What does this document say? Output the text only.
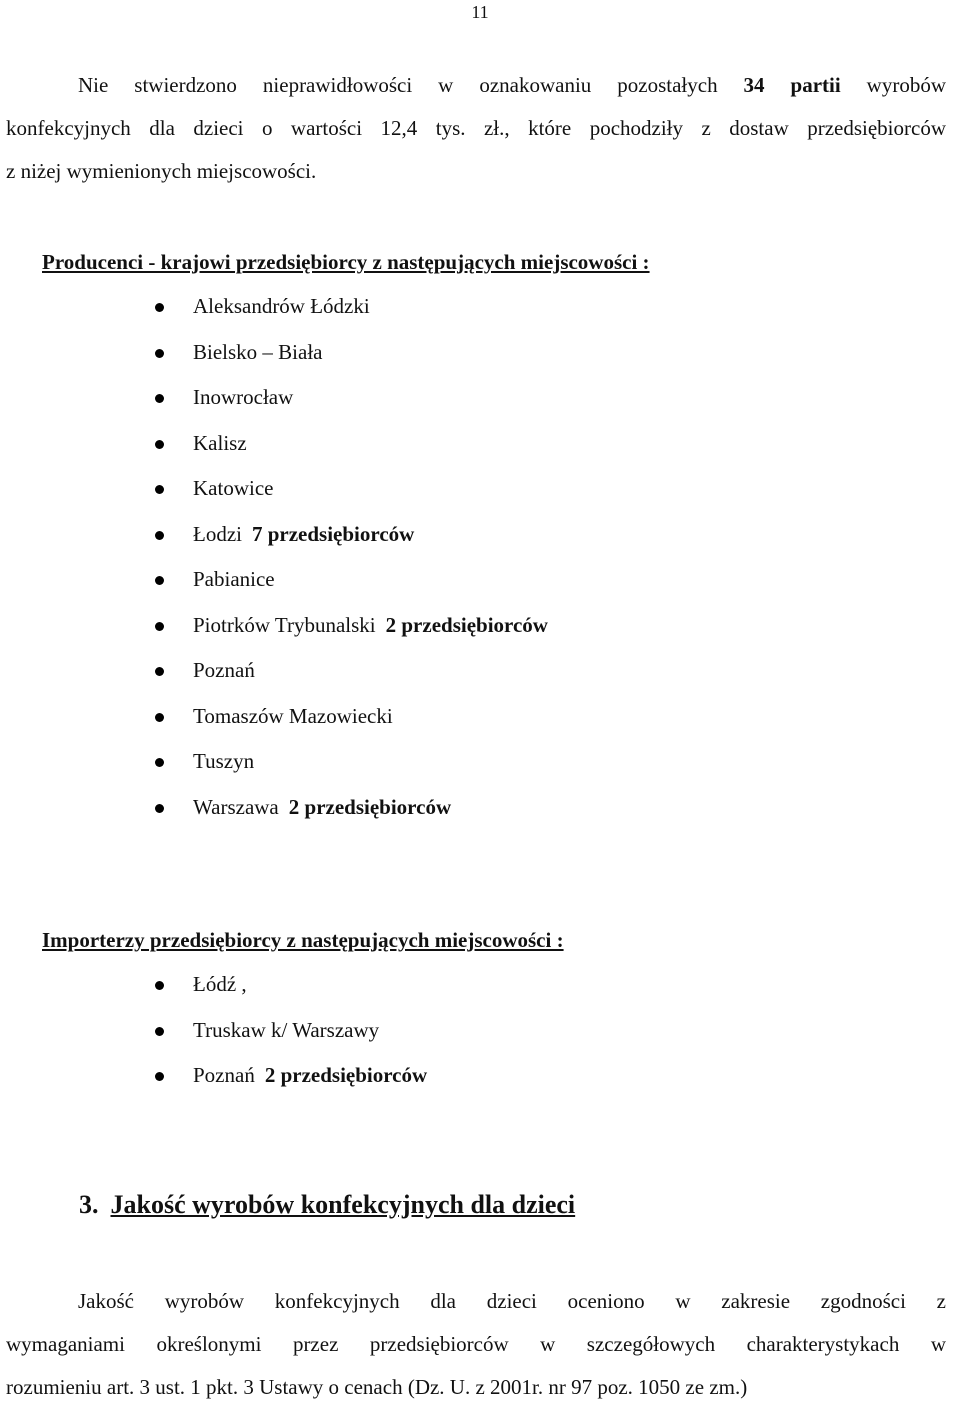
11

Nie stwierdzono nieprawidłowości w oznakowaniu pozostałych 34 partii wyrobów
konfekcyjnych dla dzieci o wartości 12,4 tys. zł., które pochodziły z dostaw przedsiębiorców
z niżej wymienionych miejscowości.

Producenci - krajowi przedsiębiorcy z następujących miejscowości :
Aleksandrów Łódzki
Bielsko – Biała
Inowrocław
Kalisz
Katowice
Łodzi 7 przedsiębiorców
Pabianice
Piotrków Trybunalski 2 przedsiębiorców
Poznań
Tomaszów Mazowiecki
Tuszyn
Warszawa 2 przedsiębiorców
Importerzy przedsiębiorcy z następujących miejscowości :
Łódź ,
Truskaw k/ Warszawy
Poznań 2 przedsiębiorców
3. Jakość wyrobów konfekcyjnych dla dzieci

Jakość wyrobów konfekcyjnych dla dzieci oceniono w zakresie zgodności z
wymaganiami określonymi przez przedsiębiorców w szczegółowych charakterystykach w
rozumieniu art. 3 ust. 1 pkt. 3 Ustawy o cenach (Dz. U. z 2001r. nr 97 poz. 1050 ze zm.)
